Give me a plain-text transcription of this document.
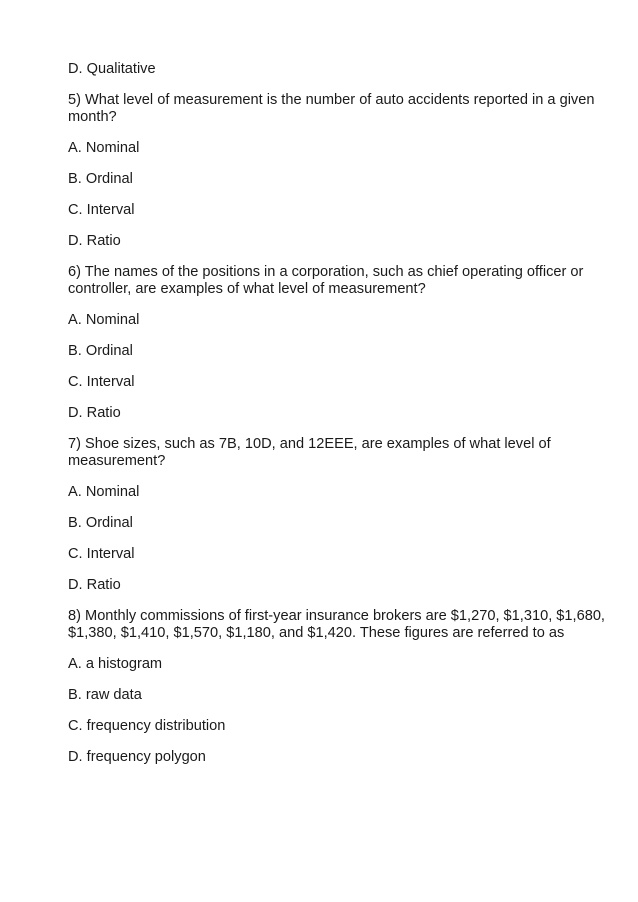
D. Qualitative

5) What level of measurement is the number of auto accidents reported in a given month?

A. Nominal

B. Ordinal

C. Interval

D. Ratio

6) The names of the positions in a corporation, such as chief operating officer or controller, are examples of what level of measurement?

A. Nominal

B. Ordinal

C. Interval

D. Ratio

7) Shoe sizes, such as 7B, 10D, and 12EEE, are examples of what level of measurement?

A. Nominal

B. Ordinal

C. Interval

D. Ratio

8) Monthly commissions of first-year insurance brokers are $1,270, $1,310, $1,680, $1,380, $1,410, $1,570, $1,180, and $1,420. These figures are referred to as

A. a histogram

B. raw data

C. frequency distribution

D. frequency polygon
